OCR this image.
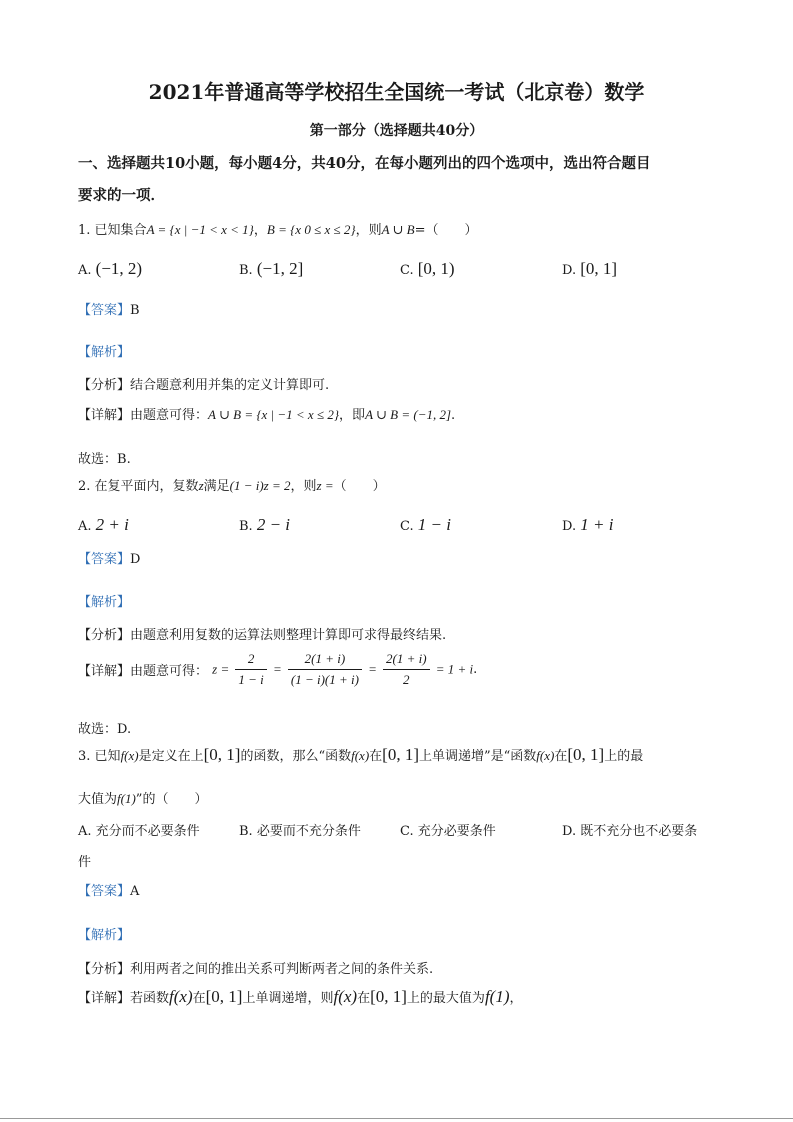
2021年普通高等学校招生全国统一考试（北京卷）数学
第一部分（选择题共40分）
一、选择题共10小题，每小题4分，共40分，在每小题列出的四个选项中，选出符合题目
要求的一项．
1. 已知集合A = {x | −1 < x < 1}，B = {x 0 ≤ x ≤ 2}，则A ∪ B=（　　）
A. (−1, 2)	B. (−1, 2]	C. [0, 1)	D. [0, 1]
【答案】B
【解析】
【分析】结合题意利用并集的定义计算即可.
【详解】由题意可得：A ∪ B = {x | −1 < x ≤ 2}，即A ∪ B = (−1, 2].
故选：B.
2. 在复平面内，复数z满足(1 − i)z = 2，则z =（　　）
A. 2 + i	B. 2 − i	C. 1 − i	D. 1 + i
【答案】D
【解析】
【分析】由题意利用复数的运算法则整理计算即可求得最终结果.
【详解】由题意可得： $z = \frac{2}{1 - i} = \frac{2(1 + i)}{(1 - i)(1 + i)} = \frac{2(1 + i)}{2} = 1 + i$.
故选：D.
3. 已知f(x)是定义在上[0, 1]的函数，那么“函数f(x)在[0, 1]上单调递增”是“函数f(x)在[0, 1]上的最
大值为f(1)”的（　　）
A. 充分而不必要条件	B. 必要而不充分条件	C. 充分必要条件	D. 既不充分也不必要条
件
【答案】A
【解析】
【分析】利用两者之间的推出关系可判断两者之间的条件关系.
【详解】若函数f(x)在[0, 1]上单调递增，则f(x)在[0, 1]上的最大值为f(1)，
